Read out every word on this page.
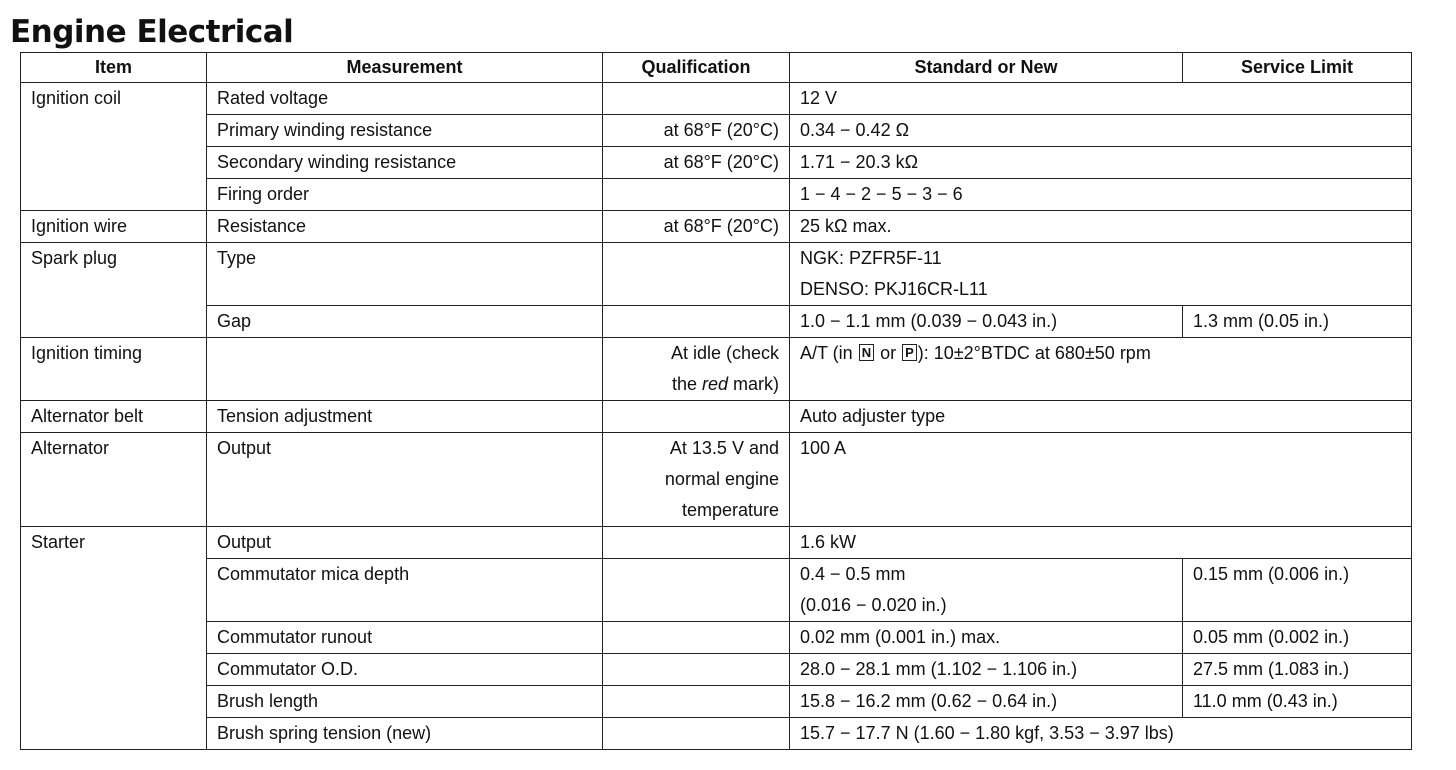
Engine Electrical
Item	Measurement	Qualification	Standard or New	Service Limit
Ignition coil	Rated voltage		12 V	
	Primary winding resistance	at 68°F (20°C)	0.34 − 0.42 Ω	
	Secondary winding resistance	at 68°F (20°C)	1.71 − 20.3 kΩ	
	Firing order		1 − 4 − 2 − 5 − 3 − 6	
Ignition wire	Resistance	at 68°F (20°C)	25 kΩ max.	
Spark plug	Type		NGK: PZFR5F-11
DENSO: PKJ16CR-L11	

	Gap		1.0 − 1.1 mm (0.039 − 0.043 in.)	1.3 mm (0.05 in.)
Ignition timing		At idle (check
the red mark)	A/T (in N or P ): 10±2°BTDC at 680±50 rpm	
Alternator belt	Tension adjustment		Auto adjuster type	
Alternator	Output	At 13.5 V and
normal engine
temperature	100 A	
Starter	Output		1.6 kW	
	Commutator mica depth		0.4 − 0.5 mm
(0.016 − 0.020 in.)	0.15 mm (0.006 in.)
	Commutator runout		0.02 mm (0.001 in.) max.	0.05 mm (0.002 in.)
	Commutator O.D.		28.0 − 28.1 mm (1.102 − 1.106 in.)	27.5 mm (1.083 in.)
	Brush length		15.8 − 16.2 mm (0.62 − 0.64 in.)	11.0 mm (0.43 in.)
	Brush spring tension (new)		15.7 − 17.7 N (1.60 − 1.80 kgf, 3.53 − 3.97 lbs)	
